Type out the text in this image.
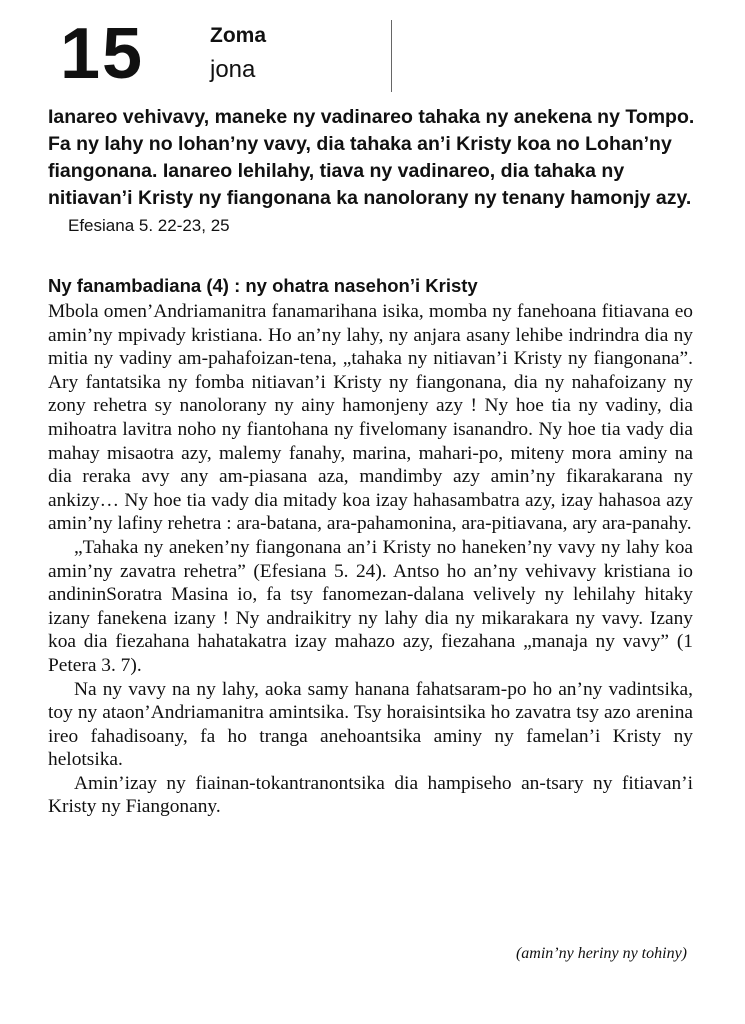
15	Zoma
jona
Ianareo vehivavy, maneke ny vadinareo tahaka ny anekena ny Tompo. Fa ny lahy no lohan’ny vavy, dia tahaka an’i Kristy koa no Lohan’ny fiangonana. Ianareo lehilahy, tiava ny vadinareo, dia tahaka ny nitiavan’i Kristy ny fiangonana ka nanolorany ny tenany hamonjy azy. Efesiana 5. 22-23, 25
Ny fanambadiana (4) : ny ohatra nasehon’i Kristy

Mbola omen’Andriamanitra fanamarihana isika, momba ny fanehoana fitiavana eo amin’ny mpivady kristiana. Ho an’ny lahy, ny anjara asany lehibe indrindra dia ny mitia ny vadiny am-pahafoizan-tena, „tahaka ny nitiavan’i Kristy ny fiangonana”. Ary fantatsika ny fomba nitiavan’i Kristy ny fiangonana, dia ny nahafoizany ny zony rehetra sy nanolorany ny ainy hamonjeny azy ! Ny hoe tia ny vadiny, dia mihoatra lavitra noho ny fiantohana ny fivelomany isanandro. Ny hoe tia vady dia mahay misaotra azy, malemy fanahy, marina, mahari-po, miteny mora aminy na dia reraka avy any am-piasana aza, mandimby azy amin’ny fikarakarana ny ankizy… Ny hoe tia vady dia mitady koa izay hahasambatra azy, izay hahasoa azy amin’ny lafiny rehetra : ara-batana, ara-pahamonina, ara-pitiavana, ary ara-panahy.

„Tahaka ny aneken’ny fiangonana an’i Kristy no haneken’ny vavy ny lahy koa amin’ny zavatra rehetra” (Efesiana 5. 24). Antso ho an’ny vehivavy kristiana io andininSoratra Masina io, fa tsy fanomezan-dalana velively ny lehilahy hitaky izany fanekena izany ! Ny andraikitry ny lahy dia ny mikarakara ny vavy. Izany koa dia fiezahana hahatakatra izay mahazo azy, fiezahana „manaja ny vavy” (1 Petera 3. 7).

Na ny vavy na ny lahy, aoka samy hanana fahatsaram-po ho an’ny vadintsika, toy ny ataon’Andriamanitra amintsika. Tsy horaisintsika ho zavatra tsy azo arenina ireo fahadisoany, fa ho tranga anehoantsika aminy ny famelan’i Kristy ny helotsika.

Amin’izay ny fiainan-tokantranontsika dia hampiseho an-tsary ny fitiavan’i Kristy ny Fiangonany.

(amin’ny heriny ny tohiny)
